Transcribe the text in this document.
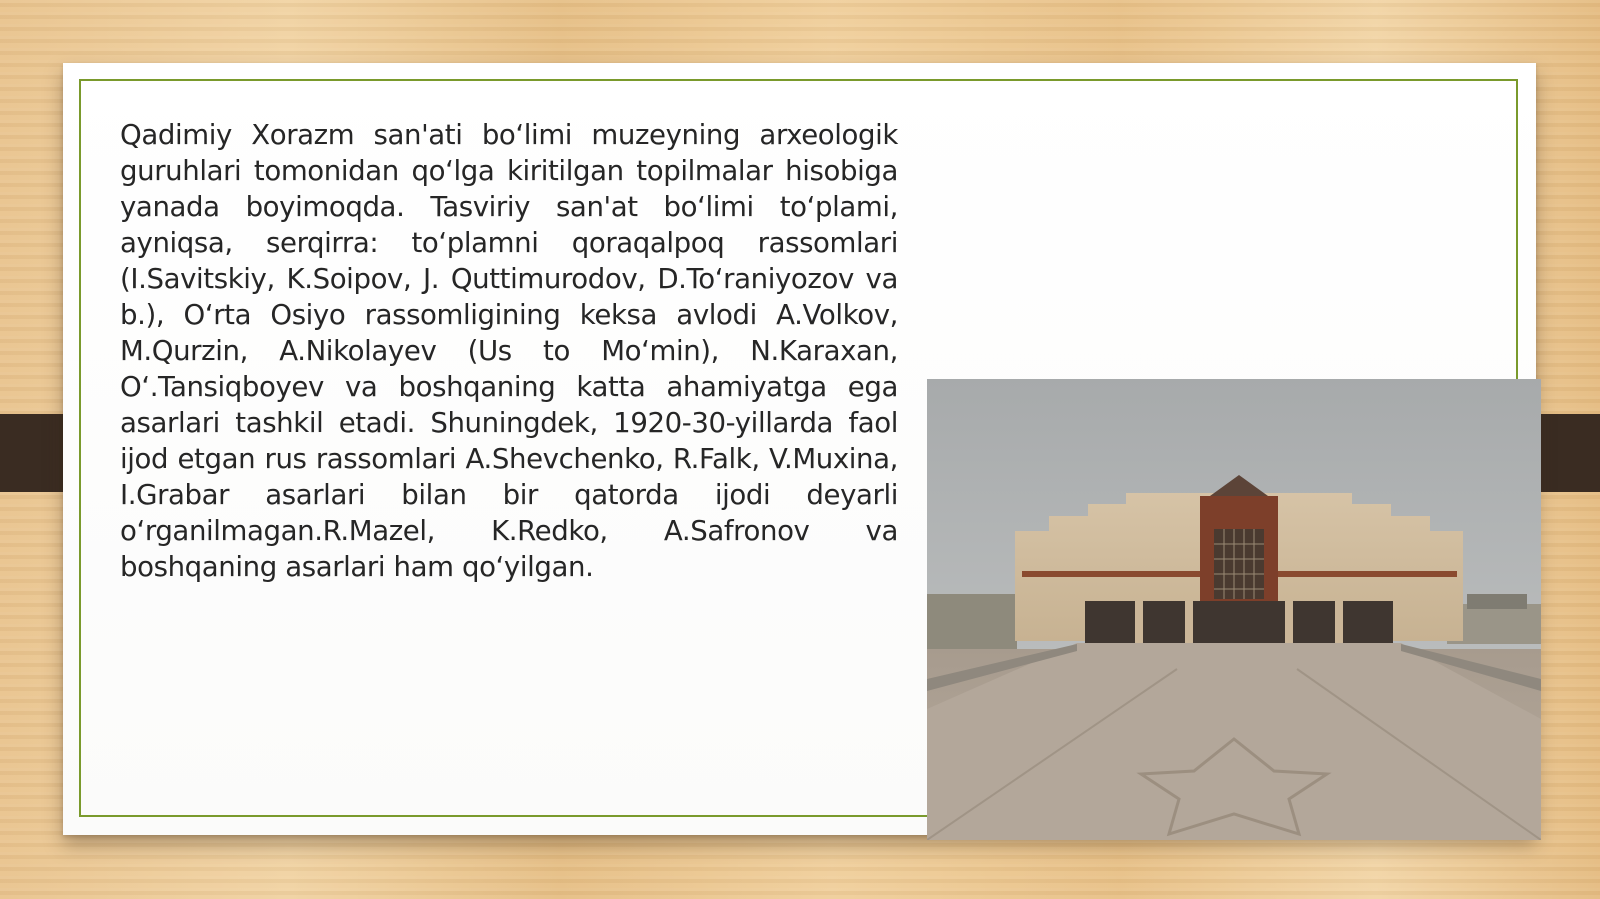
Qadimiy Xorazm san'ati bo‘limi muzeyning arxeologik guruhlari tomonidan qo‘lga kiritilgan topilmalar hisobiga yanada boyimoqda. Tasviriy san'at bo‘limi to‘plami, ayniqsa, serqirra: to‘plamni qoraqalpoq rassomlari (I.Savitskiy, K.Soipov, J. Quttimurodov, D.To‘raniyozov va b.), O‘rta Osiyo rassomligining keksa avlodi A.Volkov, M.Qurzin, A.Nikolayev (Us to Mo‘min), N.Karaxan, O‘.Tansiqboyev va boshqaning katta ahamiyatga ega asarlari tashkil etadi. Shuningdek, 1920-30-yillarda faol ijod etgan rus rassomlari A.Shevchenko, R.Falk, V.Muxina, I.Grabar asarlari bilan bir qatorda ijodi deyarli o‘rganilmagan.R.Mazel, K.Redko, A.Safronov va boshqaning asarlari ham qo‘yilgan.
